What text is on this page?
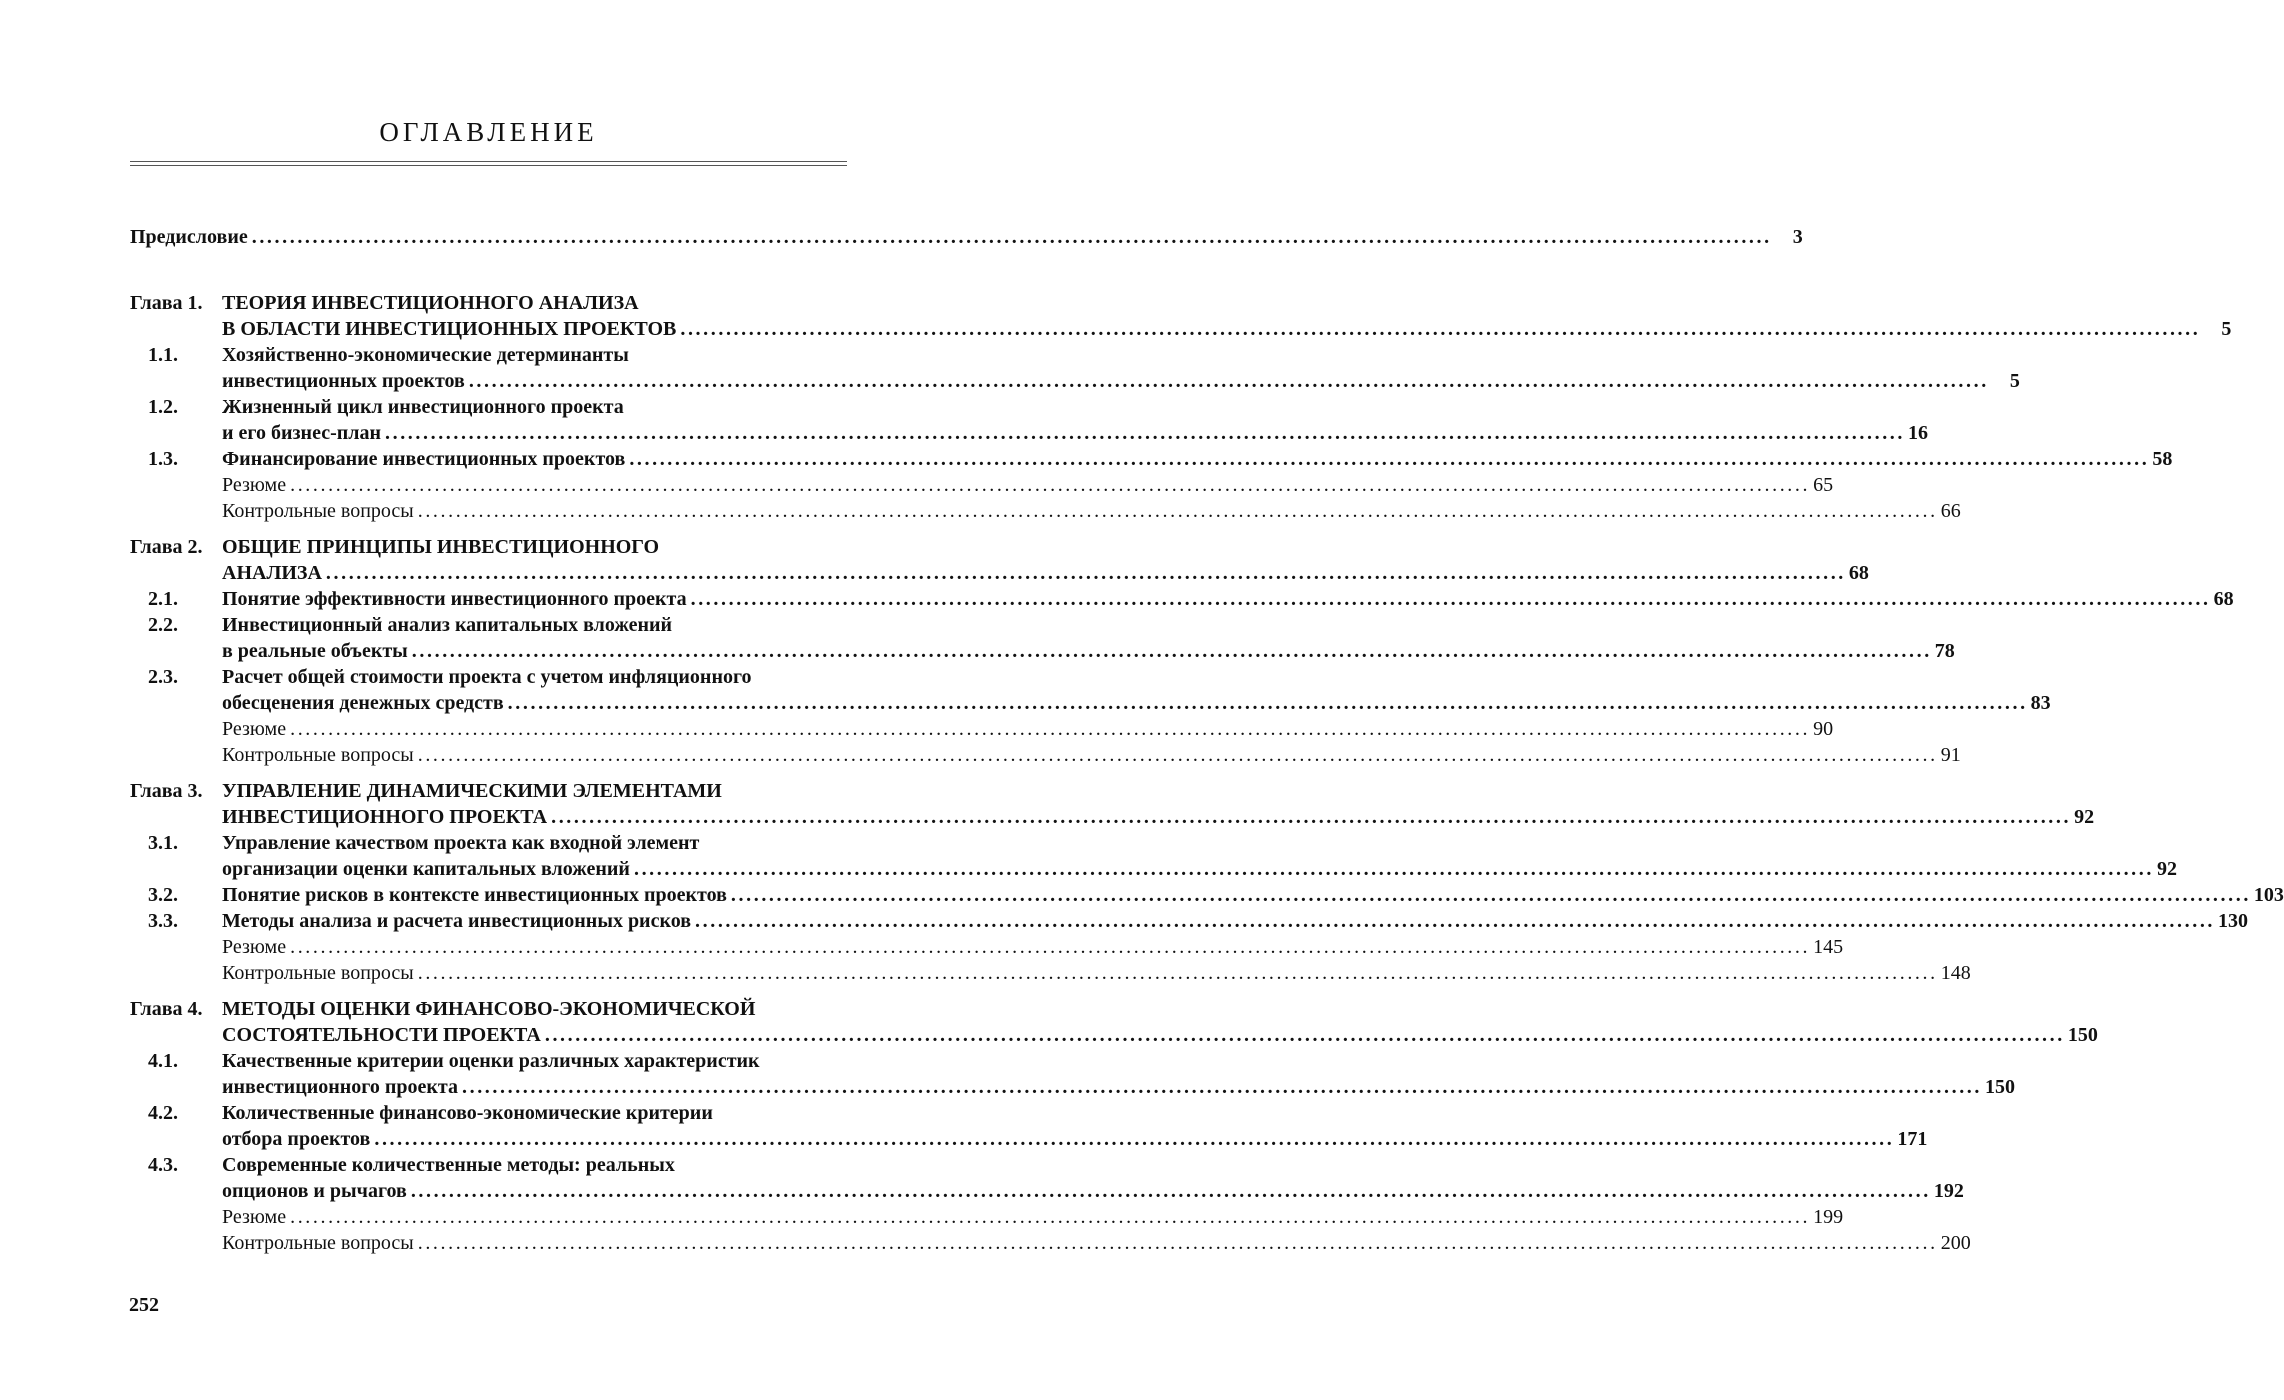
ОГЛАВЛЕНИЕ
Предисловие ........................................................................................................................................................................................................	3
Глава 1. ТЕОРИЯ ИНВЕСТИЦИОННОГО АНАЛИЗА
В ОБЛАСТИ ИНВЕСТИЦИОННЫХ ПРОЕКТОВ ........................................................................................................................................................................................................	5
1.1. Хозяйственно-экономические детерминанты
инвестиционных проектов ........................................................................................................................................................................................................	5
1.2. Жизненный цикл инвестиционного проекта
и его бизнес-план ........................................................................................................................................................................................................ 16
1.3. Финансирование инвестиционных проектов ........................................................................................................................................................................................................ 58
Резюме ........................................................................................................................................................................................................ 65
Контрольные вопросы ........................................................................................................................................................................................................ 66
Глава 2. ОБЩИЕ ПРИНЦИПЫ ИНВЕСТИЦИОННОГО
АНАЛИЗА ........................................................................................................................................................................................................ 68
2.1. Понятие эффективности инвестиционного проекта ........................................................................................................................................................................................................ 68
2.2. Инвестиционный анализ капитальных вложений
в реальные объекты ........................................................................................................................................................................................................ 78
2.3. Расчет общей стоимости проекта с учетом инфляционного
обесценения денежных средств ........................................................................................................................................................................................................ 83
Резюме ........................................................................................................................................................................................................ 90
Контрольные вопросы ........................................................................................................................................................................................................ 91
Глава 3. УПРАВЛЕНИЕ ДИНАМИЧЕСКИМИ ЭЛЕМЕНТАМИ
ИНВЕСТИЦИОННОГО ПРОЕКТА ........................................................................................................................................................................................................ 92
3.1. Управление качеством проекта как входной элемент
организации оценки капитальных вложений ........................................................................................................................................................................................................ 92
3.2. Понятие рисков в контексте инвестиционных проектов ........................................................................................................................................................................................................ 103
3.3. Методы анализа и расчета инвестиционных рисков ........................................................................................................................................................................................................ 130
Резюме ........................................................................................................................................................................................................ 145
Контрольные вопросы ........................................................................................................................................................................................................ 148
Глава 4. МЕТОДЫ ОЦЕНКИ ФИНАНСОВО-ЭКОНОМИЧЕСКОЙ
СОСТОЯТЕЛЬНОСТИ ПРОЕКТА ........................................................................................................................................................................................................ 150
4.1. Качественные критерии оценки различных характеристик
инвестиционного проекта ........................................................................................................................................................................................................ 150
4.2. Количественные финансово-экономические критерии
отбора проектов ........................................................................................................................................................................................................ 171
4.3. Современные количественные методы: реальных
опционов и рычагов ........................................................................................................................................................................................................ 192
Резюме ........................................................................................................................................................................................................ 199
Контрольные вопросы ........................................................................................................................................................................................................ 200
252
